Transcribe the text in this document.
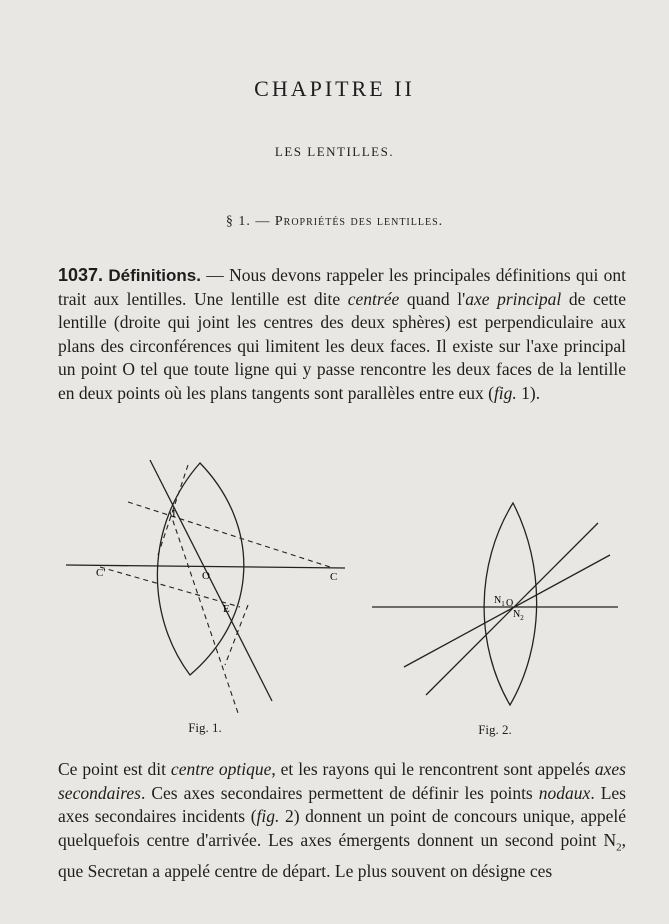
CHAPITRE II
LES LENTILLES.
§ 1. — Propriétés des lentilles.

1037. Définitions. — Nous devons rappeler les principales définitions qui ont trait aux lentilles. Une lentille est dite centrée quand l'axe principal de cette lentille (droite qui joint les centres des deux sphères) est perpendiculaire aux plans des circonférences qui limitent les deux faces. Il existe sur l'axe principal un point O tel que toute ligne qui y passe rencontre les deux faces de la lentille en deux points où les plans tangents sont parallèles entre eux (fig. 1).

I
O
E
C
C'
Fig. 1.
$N_1$ O
$N_2$
Fig. 2.

Ce point est dit centre optique, et les rayons qui le rencontrent sont appelés axes secondaires. Ces axes secondaires permettent de définir les points nodaux. Les axes secondaires incidents (fig. 2) donnent un point de concours unique, appelé quelquefois centre d'arrivée. Les axes émergents donnent un second point $N_2$, que Secretan a appelé centre de départ. Le plus souvent on désigne ces
